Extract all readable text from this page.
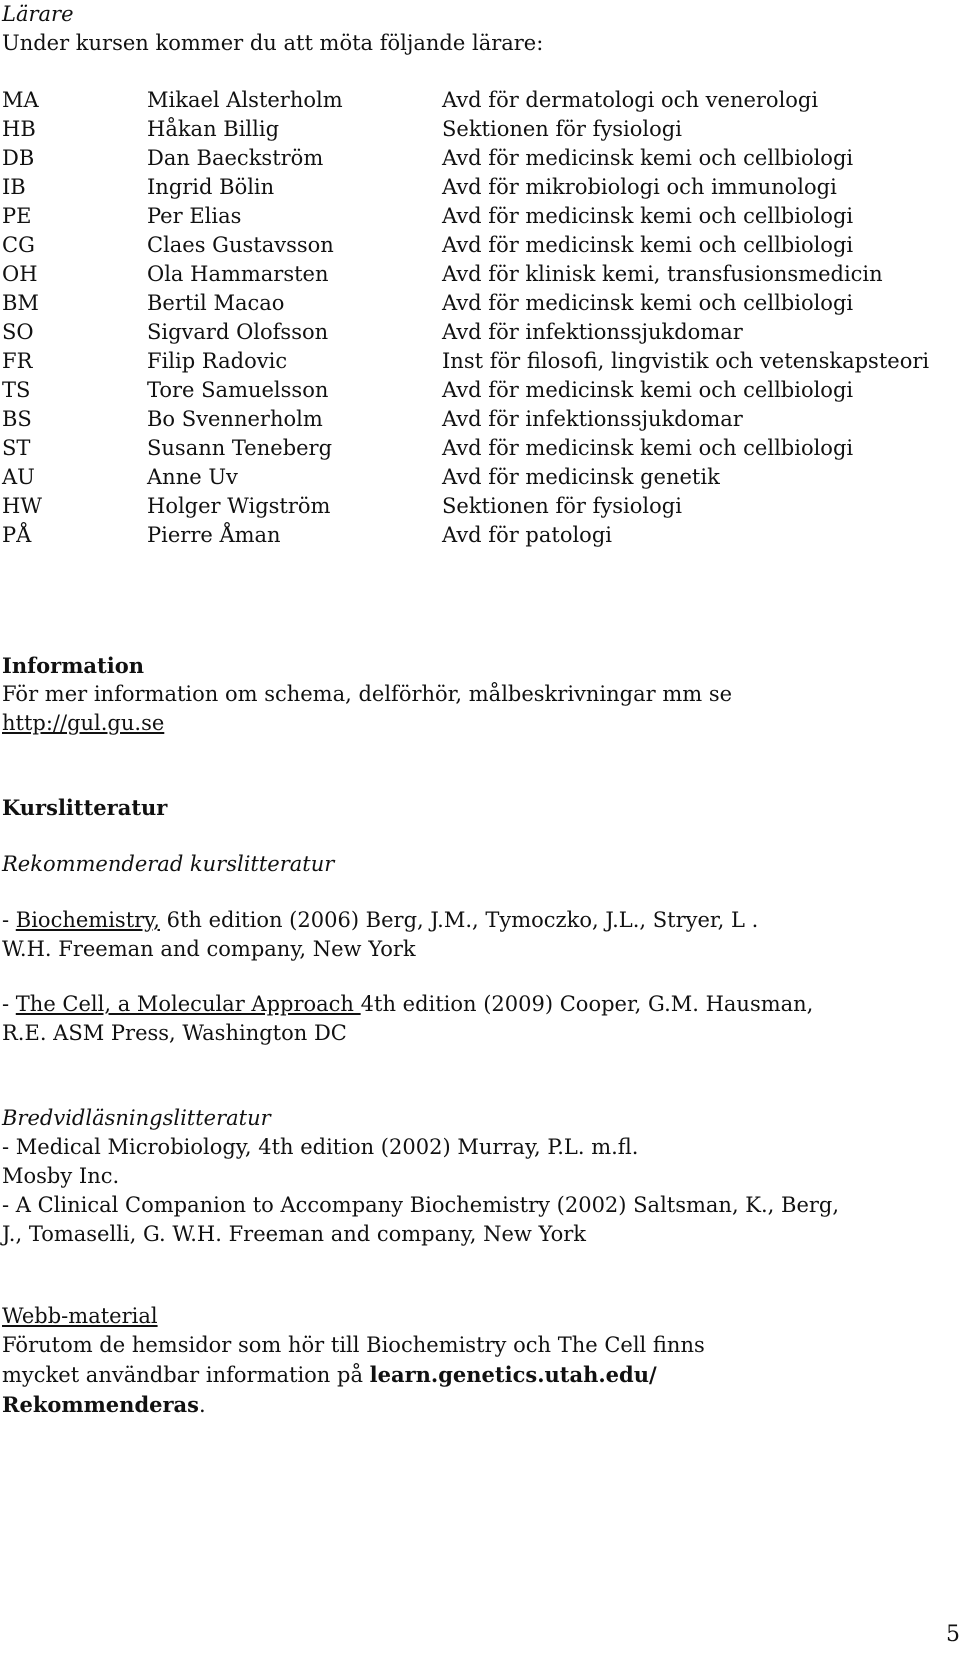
Lärare
Under kursen kommer du att möta följande lärare:
MA	Mikael Alsterholm	Avd för dermatologi och venerologi
HB	Håkan Billig	Sektionen för fysiologi
DB	Dan Baeckström	Avd för medicinsk kemi och cellbiologi
IB	Ingrid Bölin	Avd för mikrobiologi och immunologi
PE	Per Elias	Avd för medicinsk kemi och cellbiologi
CG	Claes Gustavsson	Avd för medicinsk kemi och cellbiologi
OH	Ola Hammarsten	Avd för klinisk kemi, transfusionsmedicin
BM	Bertil Macao	Avd för medicinsk kemi och cellbiologi
SO	Sigvard Olofsson	Avd för infektionssjukdomar
FR	Filip Radovic	Inst för filosofi, lingvistik och vetenskapsteori
TS	Tore Samuelsson	Avd för medicinsk kemi och cellbiologi
BS	Bo Svennerholm	Avd för infektionssjukdomar
ST	Susann Teneberg	Avd för medicinsk kemi och cellbiologi
AU	Anne Uv	Avd för medicinsk genetik
HW	Holger Wigström	Sektionen för fysiologi
PÅ	Pierre Åman	Avd för patologi
Information
För mer information om schema, delförhör, målbeskrivningar mm se
http://gul.gu.se
Kurslitteratur
Rekommenderad kurslitteratur

- Biochemistry, 6th edition (2006) Berg, J.M., Tymoczko, J.L., Stryer, L .

W.H. Freeman and company, New York

- The Cell, a Molecular Approach 4th edition (2009) Cooper, G.M. Hausman,

R.E. ASM Press, Washington DC

Bredvidläsningslitteratur

- Medical Microbiology, 4th edition (2002) Murray, P.L. m.fl.

Mosby Inc.

- A Clinical Companion to Accompany Biochemistry (2002) Saltsman, K., Berg,

J., Tomaselli, G. W.H. Freeman and company, New York

Webb-material

Förutom de hemsidor som hör till Biochemistry och The Cell finns

mycket användbar information på learn.genetics.utah.edu/

Rekommenderas.

5
